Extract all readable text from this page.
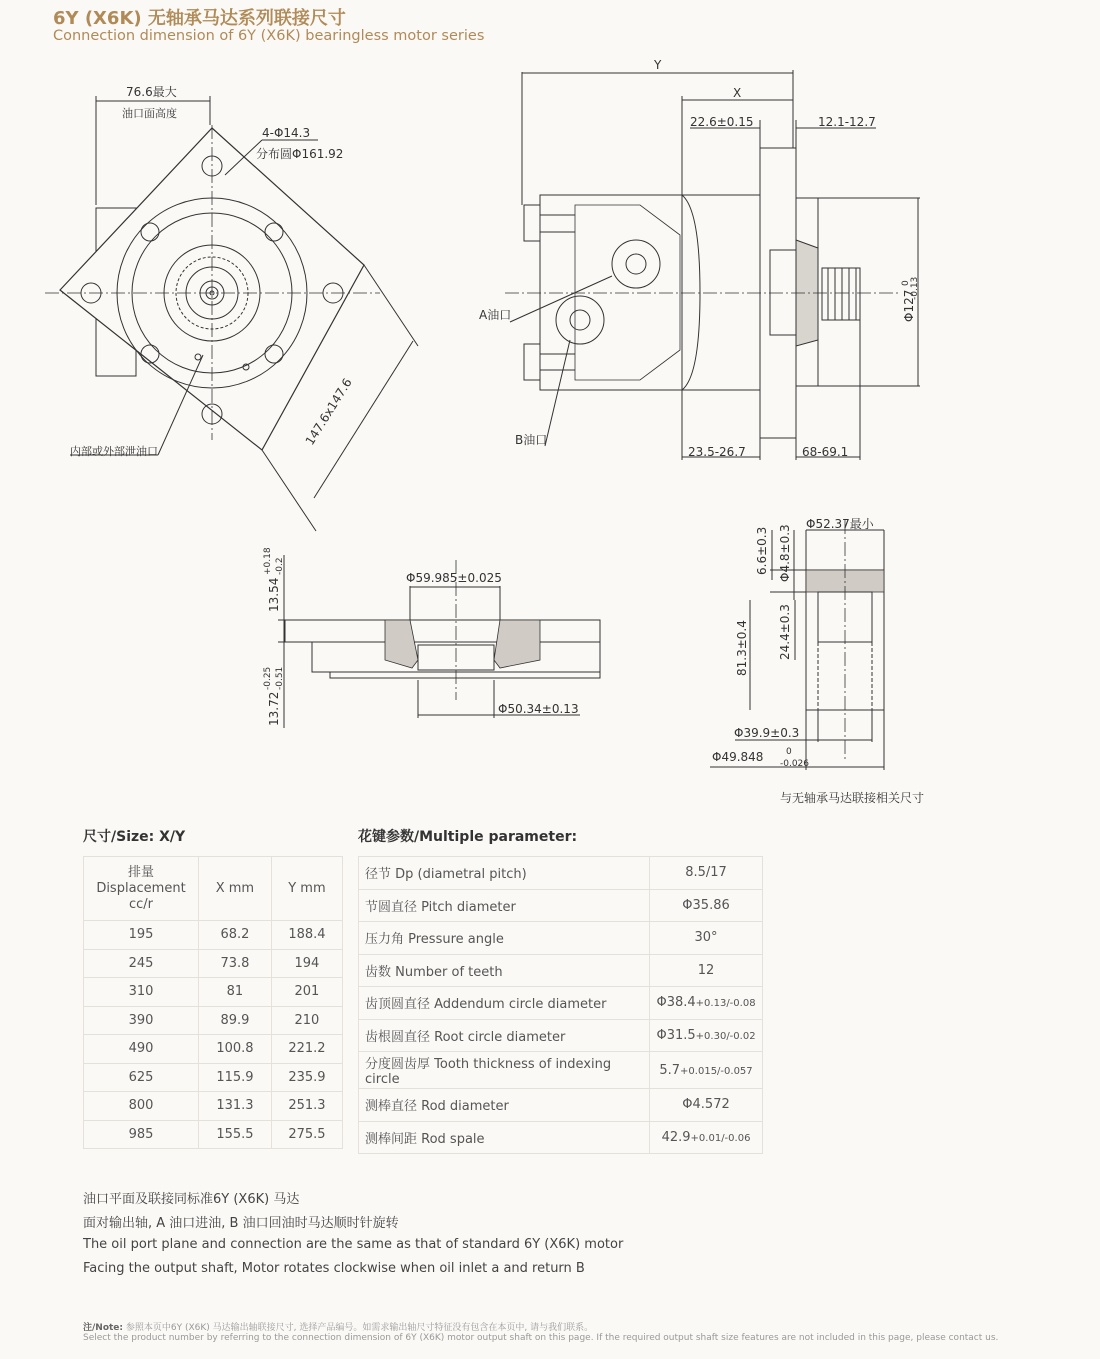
6Y (X6K) 无轴承马达系列联接尺寸
Connection dimension of 6Y (X6K) bearingless motor series
76.6最大
油口面高度
4-Φ14.3
分布圆Φ161.92
内部或外部泄油口
147.6x147.6
Y
X
22.6±0.15	12.1-12.7
A油口
B油口
23.5-26.7	68-69.1
Φ127
0 -0.13
Φ59.985±0.025
Φ50.34±0.13
13.54
+0.18 -0.2
13.72
-0.25 -0.51
Φ52.37最小
6.6±0.3 Φ4.8±0.3
24.4±0.3
81.3±0.4
Φ39.9±0.3
Φ49.848	0
-0.026
与无轴承马达联接相关尺寸
尺寸/Size: X/Y	花键参数/Multiple parameter:
排量
Displacement
cc/r	X mm	Y mm
195	68.2	188.4
245	73.8	194
310	81	201
390	89.9	210
490	100.8	221.2
625	115.9	235.9
800	131.3	251.3
985	155.5	275.5
径节 Dp (diametral pitch)	8.5/17
节圆直径 Pitch diameter	Φ35.86
压力角 Pressure angle	30°
齿数 Number of teeth	12
齿顶圆直径 Addendum circle diameter	Φ38.4+0.13/-0.08
齿根圆直径 Root circle diameter	Φ31.5+0.30/-0.02
分度圆齿厚 Tooth thickness of indexing circle	5.7+0.015/-0.057
测棒直径 Rod diameter	Φ4.572
测棒间距 Rod spale	42.9+0.01/-0.06
油口平面及联接同标准6Y (X6K) 马达
面对输出轴, A 油口进油, B 油口回油时马达顺时针旋转
The oil port plane and connection are the same as that of standard 6Y (X6K) motor
Facing the output shaft, Motor rotates clockwise when oil inlet a and return B
注/Note: 参照本页中6Y (X6K) 马达输出轴联接尺寸, 选择产品编号。如需求输出轴尺寸特征没有包含在本页中, 请与我们联系。
Select the product number by referring to the connection dimension of 6Y (X6K) motor output shaft on this page. If the required output shaft size features are not included in this page, please contact us.
